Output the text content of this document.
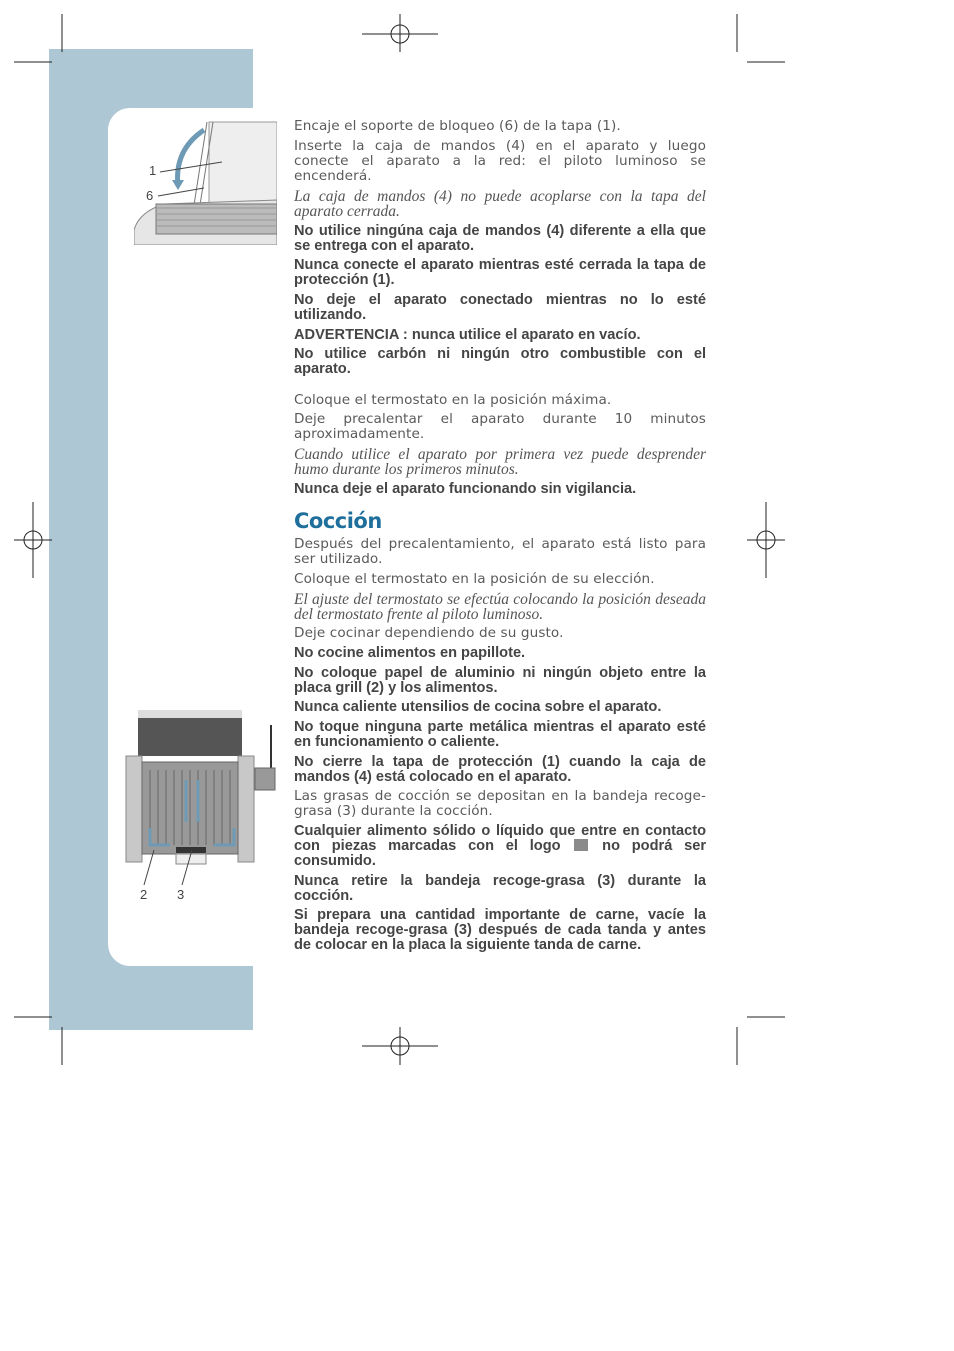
1
6
2 3

Encaje el soporte de bloqueo (6) de la tapa (1).

Inserte la caja de mandos (4) en el aparato y luego conecte el aparato a la red: el piloto luminoso se encenderá.

La caja de mandos (4) no puede acoplarse con la tapa del aparato cerrada.

No utilice ningúna caja de mandos (4) diferente a ella que se entrega con el aparato.

Nunca conecte el aparato mientras esté cerrada la tapa de protección (1).

No deje el aparato conectado mientras no lo esté utilizando.

ADVERTENCIA : nunca utilice el aparato en vacío.

No utilice carbón ni ningún otro combustible con el aparato.

Coloque el termostato en la posición máxima.

Deje precalentar el aparato durante 10 minutos aproximadamente.

Cuando utilice el aparato por primera vez puede desprender humo durante los primeros minutos.

Nunca deje el aparato funcionando sin vigilancia.

Cocción

Después del precalentamiento, el aparato está listo para ser utilizado.

Coloque el termostato en la posición de su elección.

El ajuste del termostato se efectúa colocando la posición deseada del termostato frente al piloto luminoso.

Deje cocinar dependiendo de su gusto.

No cocine alimentos en papillote.

No coloque papel de aluminio ni ningún objeto entre la placa grill (2) y los alimentos.

Nunca caliente utensilios de cocina sobre el aparato.

No toque ninguna parte metálica mientras el aparato esté en funcionamiento o caliente.

No cierre la tapa de protección (1) cuando la caja de mandos (4) está colocado en el aparato.

Las grasas de cocción se depositan en la bandeja recoge-grasa (3) durante la cocción.

Cualquier alimento sólido o líquido que entre en contacto con piezas marcadas con el logo	no podrá ser consumido.

Nunca retire la bandeja recoge-grasa (3) durante la cocción.

Si prepara una cantidad importante de carne, vacíe la bandeja recoge-grasa (3) después de cada tanda y antes de colocar en la placa la siguiente tanda de carne.
